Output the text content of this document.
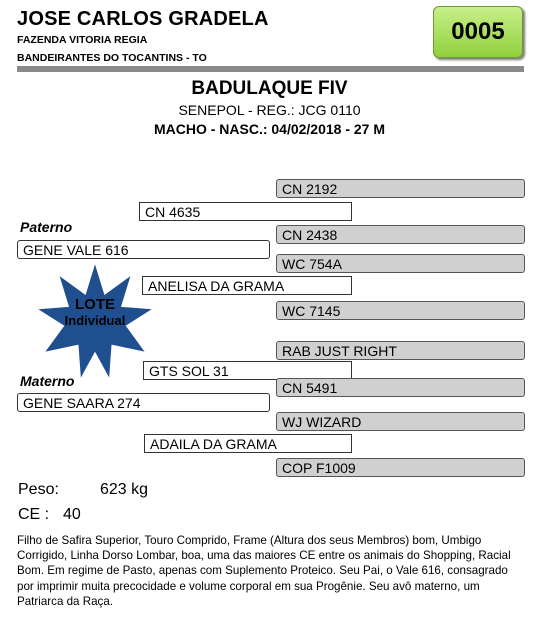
JOSE CARLOS GRADELA
FAZENDA VITORIA REGIA
BANDEIRANTES DO TOCANTINS - TO
0005
BADULAQUE FIV
SENEPOL - REG.: JCG 0110
MACHO - NASC.: 04/02/2018 - 27 M
LOTE
Individual
CN 2192
CN 4635
Paterno	CN 2438
GENE VALE 616
WC 754A
ANELISA DA GRAMA
WC 7145
RAB JUST RIGHT
GTS SOL 31
Materno	CN 5491
GENE SAARA 274
WJ WIZARD
ADAILA DA GRAMA
COP F1009
Peso:	623 kg
CE : 40
Filho de Safira Superior, Touro Comprido, Frame (Altura dos seus Membros) bom, Umbigo Corrigido, Linha Dorso Lombar, boa, uma das maiores CE entre os animais do Shopping, Racial Bom. Em regime de Pasto, apenas com Suplemento Proteico. Seu Pai, o Vale 616, consagrado por imprimir muita precocidade e volume corporal em sua Progênie. Seu avô materno, um Patriarca da Raça.
